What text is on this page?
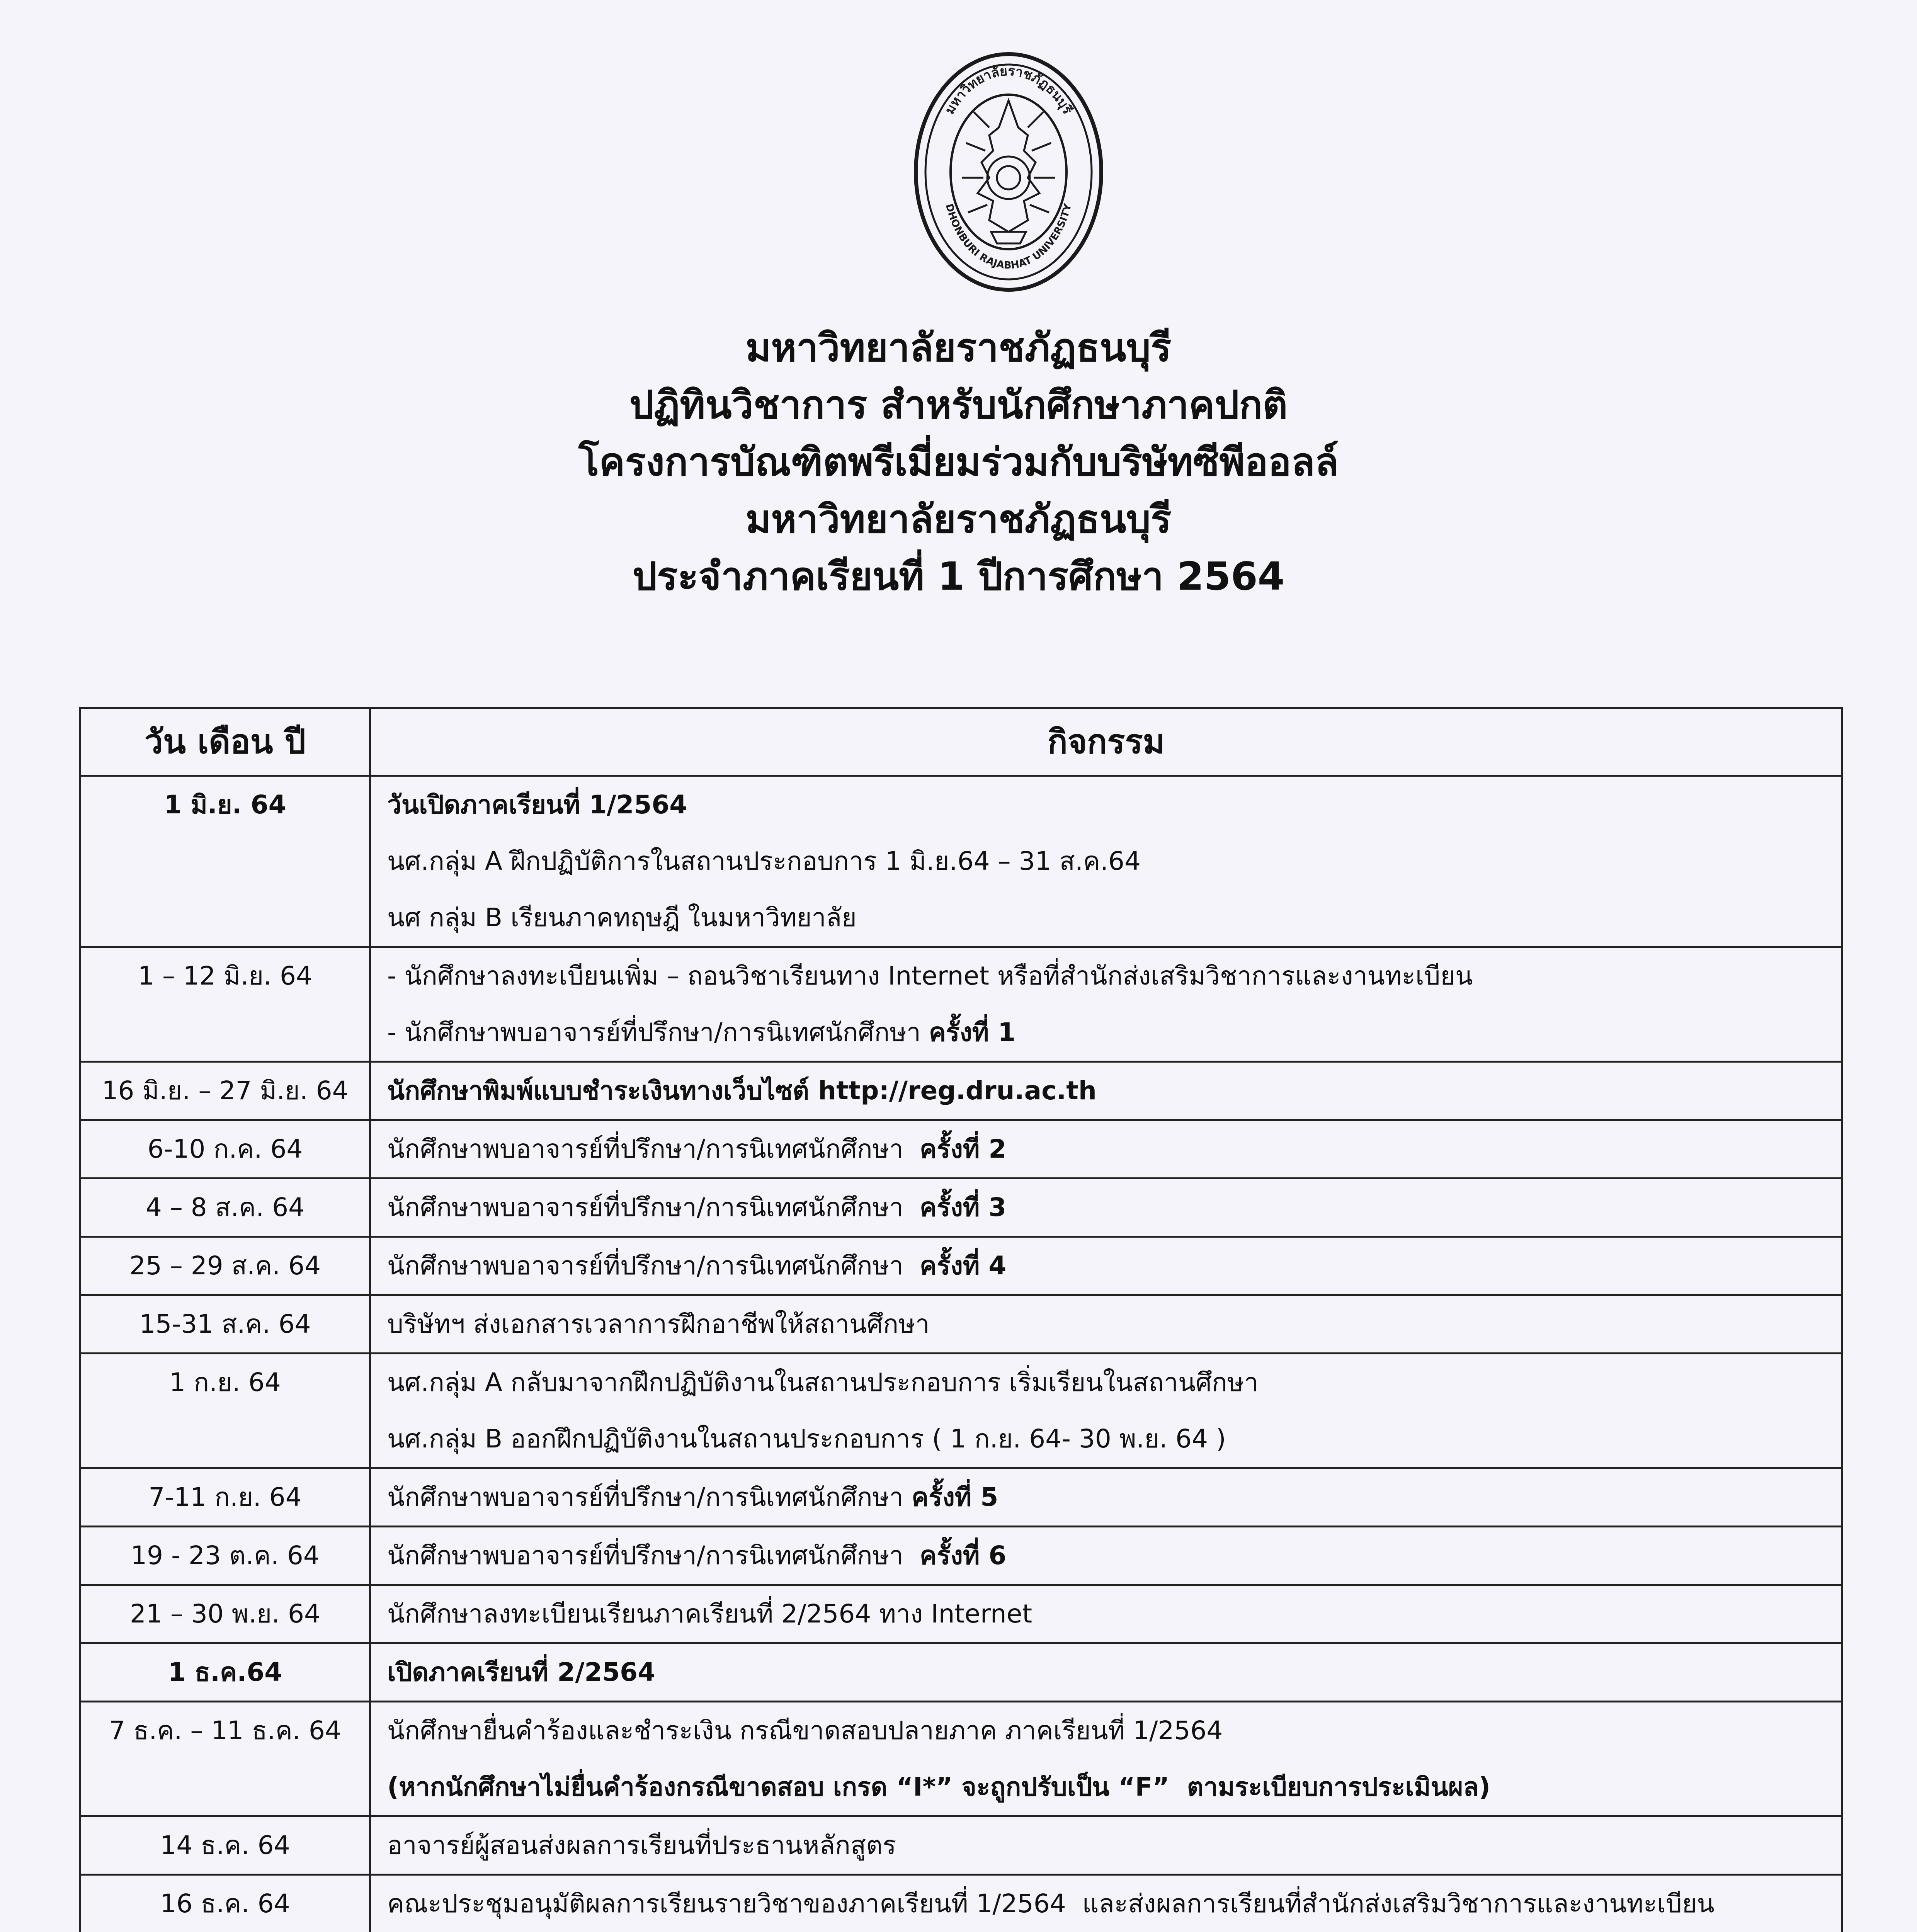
มหาวิทยาลัยราชภัฏธนบุรี
DHONBURI RAJABHAT UNIVERSITY
มหาวิทยาลัยราชภัฏธนบุรี
ปฏิทินวิชาการ สำหรับนักศึกษาภาคปกติ
โครงการบัณฑิตพรีเมี่ยมร่วมกับบริษัทซีพีออลล์
มหาวิทยาลัยราชภัฏธนบุรี
ประจำภาคเรียนที่ 1 ปีการศึกษา 2564
วัน เดือน ปี	กิจกรรม
1 มิ.ย. 64	วันเปิดภาคเรียนที่ 1/2564
นศ.กลุ่ม A ฝึกปฏิบัติการในสถานประกอบการ 1 มิ.ย.64 – 31 ส.ค.64
นศ กลุ่ม B เรียนภาคทฤษฎี ในมหาวิทยาลัย

1 – 12 มิ.ย. 64	- นักศึกษาลงทะเบียนเพิ่ม – ถอนวิชาเรียนทาง Internet หรือที่สำนักส่งเสริมวิชาการและงานทะเบียน
- นักศึกษาพบอาจารย์ที่ปรึกษา/การนิเทศนักศึกษา ครั้งที่ 1

16 มิ.ย. – 27 มิ.ย. 64	นักศึกษาพิมพ์แบบชำระเงินทางเว็บไซต์ http://reg.dru.ac.th

6-10 ก.ค. 64	นักศึกษาพบอาจารย์ที่ปรึกษา/การนิเทศนักศึกษา  ครั้งที่ 2

4 – 8 ส.ค. 64	นักศึกษาพบอาจารย์ที่ปรึกษา/การนิเทศนักศึกษา  ครั้งที่ 3

25 – 29 ส.ค. 64	นักศึกษาพบอาจารย์ที่ปรึกษา/การนิเทศนักศึกษา  ครั้งที่ 4

15-31 ส.ค. 64	บริษัทฯ ส่งเอกสารเวลาการฝึกอาชีพให้สถานศึกษา

1 ก.ย. 64	นศ.กลุ่ม A กลับมาจากฝึกปฏิบัติงานในสถานประกอบการ เริ่มเรียนในสถานศึกษา
นศ.กลุ่ม B ออกฝึกปฏิบัติงานในสถานประกอบการ ( 1 ก.ย. 64- 30 พ.ย. 64 )

7-11 ก.ย. 64	นักศึกษาพบอาจารย์ที่ปรึกษา/การนิเทศนักศึกษา ครั้งที่ 5

19 - 23 ต.ค. 64	นักศึกษาพบอาจารย์ที่ปรึกษา/การนิเทศนักศึกษา  ครั้งที่ 6

21 – 30 พ.ย. 64	นักศึกษาลงทะเบียนเรียนภาคเรียนที่ 2/2564 ทาง Internet

1 ธ.ค.64	เปิดภาคเรียนที่ 2/2564

7 ธ.ค. – 11 ธ.ค. 64	นักศึกษายื่นคำร้องและชำระเงิน กรณีขาดสอบปลายภาค ภาคเรียนที่ 1/2564
(หากนักศึกษาไม่ยื่นคำร้องกรณีขาดสอบ เกรด “I*” จะถูกปรับเป็น “F”  ตามระเบียบการประเมินผล)

14 ธ.ค. 64	อาจารย์ผู้สอนส่งผลการเรียนที่ประธานหลักสูตร

16 ธ.ค. 64	คณะประชุมอนุมัติผลการเรียนรายวิชาของภาคเรียนที่ 1/2564  และส่งผลการเรียนที่สำนักส่งเสริมวิชาการและงานทะเบียน
